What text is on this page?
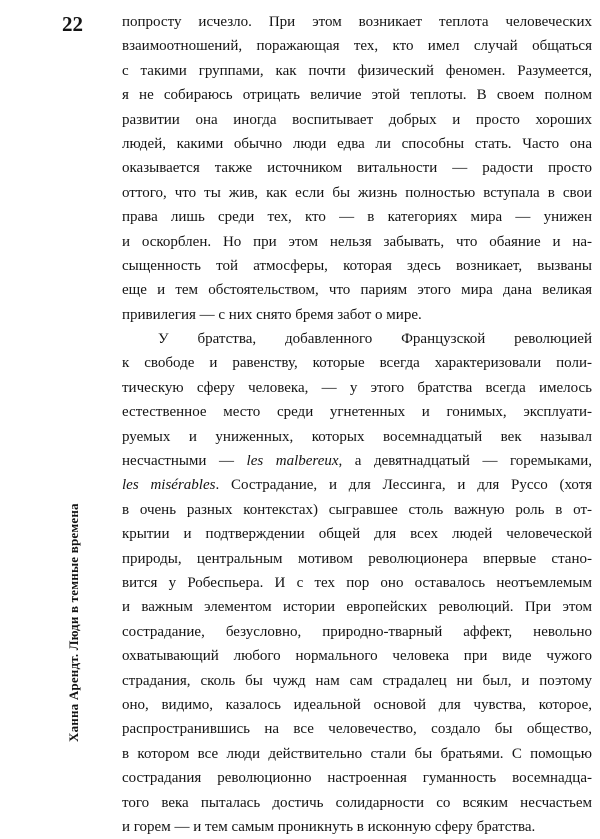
22	попросту исчезло. При этом возникает теплота человеческих
взаимоотношений, поражающая тех, кто имел случай общаться
с такими группами, как почти физический феномен. Разумеется,
я не собираюсь отрицать величие этой теплоты. В своем полном
развитии она иногда воспитывает добрых и просто хороших
людей, какими обычно люди едва ли способны стать. Часто она
оказывается также источником витальности — радости просто
оттого, что ты жив, как если бы жизнь полностью вступала в свои
права лишь среди тех, кто — в категориях мира — унижен
и оскорблен. Но при этом нельзя забывать, что обаяние и на-
сыщенность той атмосферы, которая здесь возникает, вызваны
еще и тем обстоятельством, что париям этого мира дана великая
привилегия — с них снято бремя забот о мире.
У братства, добавленного Французской революцией
к свободе и равенству, которые всегда характеризовали поли-
тическую сферу человека, — у этого братства всегда имелось
естественное место среди угнетенных и гонимых, эксплуати-
руемых и униженных, которых восемнадцатый век называл
несчастными — les malbereux, а девятнадцатый — горемыками,
les misérables. Сострадание, и для Лессинга, и для Руссо (хотя
в очень разных контекстах) сыгравшее столь важную роль в от-
крытии и подтверждении общей для всех людей человеческой
природы, центральным мотивом революционера впервые стано-
вится у Робеспьера. И с тех пор оно оставалось неотъемлемым
и важным элементом истории европейских революций. При этом
сострадание, безусловно, природно-тварный аффект, невольно
охватывающий любого нормального человека при виде чужого
страдания, сколь бы чужд нам сам страдалец ни был, и поэтому
оно, видимо, казалось идеальной основой для чувства, которое,
распространившись на все человечество, создало бы общество,
в котором все люди действительно стали бы братьями. С помощью
сострадания революционно настроенная гуманность восемнадца-
того века пыталась достичь солидарности со всяким несчастьем
и горем — и тем самым проникнуть в исконную сферу братства.
Ханна Арендт. Люди в темные времена
